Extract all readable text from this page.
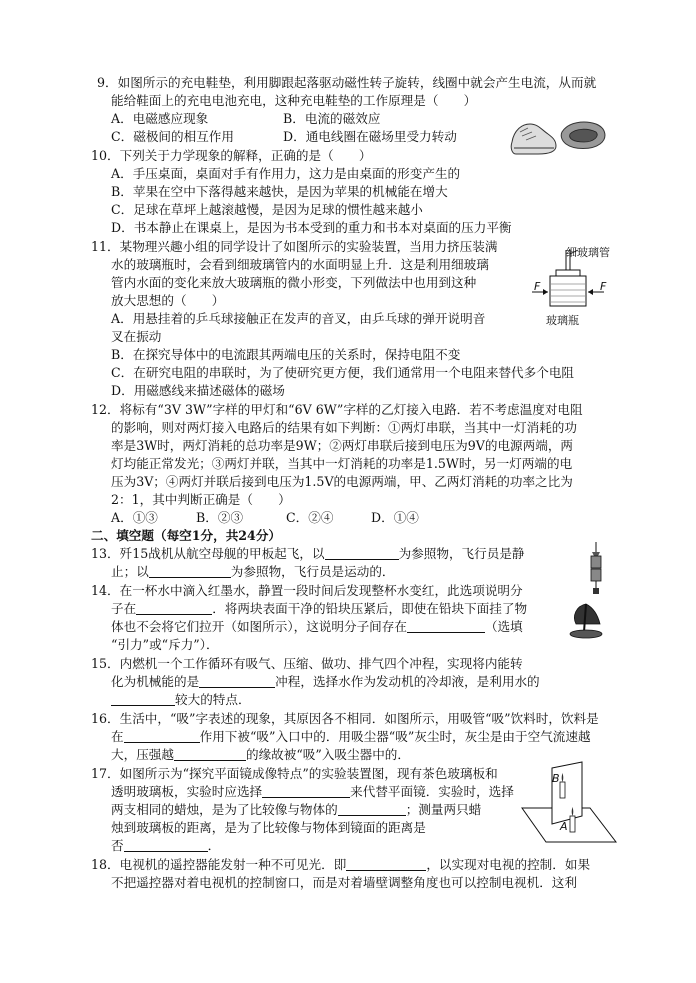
9．如图所示的充电鞋垫，利用脚跟起落驱动磁性转子旋转，线圈中就会产生电流，从而就
能给鞋面上的充电电池充电，这种充电鞋垫的工作原理是（　　）
A．电磁感应现象	B．电流的磁效应
C．磁极间的相互作用	D．通电线圈在磁场里受力转动
10．下列关于力学现象的解释，正确的是（　　）
A．手压桌面，桌面对手有作用力，这力是由桌面的形变产生的
B．苹果在空中下落得越来越快，是因为苹果的机械能在增大
C．足球在草坪上越滚越慢，是因为足球的惯性越来越小
D．书本静止在课桌上，是因为书本受到的重力和书本对桌面的压力平衡
11．某物理兴趣小组的同学设计了如图所示的实验装置，当用力挤压装满
水的玻璃瓶时，会看到细玻璃管内的水面明显上升．这是利用细玻璃
管内水面的变化来放大玻璃瓶的微小形变，下列做法中也用到这种
放大思想的（　　）
A．用悬挂着的乒乓球接触正在发声的音叉，由乒乓球的弹开说明音
叉在振动
B．在探究导体中的电流跟其两端电压的关系时，保持电阻不变
C．在研究电阻的串联时，为了使研究更方便，我们通常用一个电阻来替代多个电阻
D．用磁感线来描述磁体的磁场
细玻璃管
F	F
玻璃瓶
12．将标有“3V 3W”字样的甲灯和“6V 6W”字样的乙灯接入电路．若不考虑温度对电阻
的影响，则对两灯接入电路后的结果有如下判断：①两灯串联，当其中一灯消耗的功
率是3W时，两灯消耗的总功率是9W；②两灯串联后接到电压为9V的电源两端，两
灯均能正常发光；③两灯并联，当其中一灯消耗的功率是1.5W时，另一灯两端的电
压为3V；④两灯并联后接到电压为1.5V的电源两端，甲、乙两灯消耗的功率之比为
2：1，其中判断正确是（　　）
A．①③	B．②③	C．②④	D．①④
二、填空题（每空1分，共24分）
13．歼15战机从航空母舰的甲板起飞，以	为参照物，飞行员是静
止；以	为参照物，飞行员是运动的．
14．在一杯水中滴入红墨水，静置一段时间后发现整杯水变红，此选项说明分
子在	．将两块表面干净的铅块压紧后，即使在铅块下面挂了物
体也不会将它们拉开（如图所示），这说明分子间存在	（选填
“引力”或“斥力”）．
15．内燃机一个工作循环有吸气、压缩、做功、排气四个冲程，实现将内能转
化为机械能的是	冲程，选择水作为发动机的冷却液，是利用水的
较大的特点．
16．生活中，“吸”字表述的现象，其原因各不相同．如图所示，用吸管“吸”饮料时，饮料是
在	作用下被“吸”入口中的．用吸尘器“吸”灰尘时，灰尘是由于空气流速越
大，压强越	的缘故被“吸”入吸尘器中的．
17．如图所示为“探究平面镜成像特点”的实验装置图，现有茶色玻璃板和
透明玻璃板，实验时应选择	来代替平面镜．实验时，选择
两支相同的蜡烛，是为了比较像与物体的	；测量两只蜡
烛到玻璃板的距离，是为了比较像与物体到镜面的距离是
否	．
B
A
18．电视机的遥控器能发射一种不可见光．即	，以实现对电视的控制．如果
不把遥控器对着电视机的控制窗口，而是对着墙壁调整角度也可以控制电视机．这利
